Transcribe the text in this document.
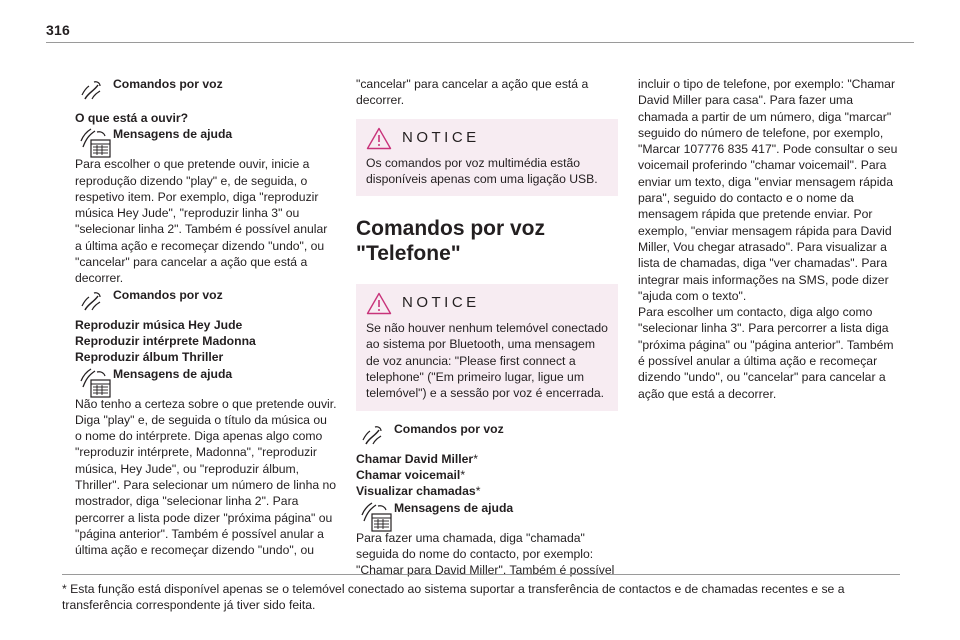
316
Comandos por voz

O que está a ouvir?

Mensagens de ajuda

Para escolher o que pretende ouvir, inicie a reprodução dizendo "play" e, de seguida, o respetivo item. Por exemplo, diga "reproduzir música Hey Jude", "reproduzir linha 3" ou "selecionar linha 2". Também é possível anular a última ação e recomeçar dizendo "undo", ou "cancelar" para cancelar a ação que está a decorrer.

Comandos por voz

Reproduzir música Hey Jude

Reproduzir intérprete Madonna

Reproduzir álbum Thriller

Mensagens de ajuda

Não tenho a certeza sobre o que pretende ouvir. Diga "play" e, de seguida o título da música ou o nome do intérprete. Diga apenas algo como "reproduzir intérprete, Madonna", "reproduzir música, Hey Jude", ou "reproduzir álbum, Thriller". Para selecionar um número de linha no mostrador, diga "selecionar linha 2". Para percorrer a lista pode dizer "próxima página" ou "página anterior". Também é possível anular a última ação e recomeçar dizendo "undo", ou

"cancelar" para cancelar a ação que está a decorrer.

NOTICE

Os comandos por voz multimédia estão disponíveis apenas com uma ligação USB.

Comandos por voz "Telefone"
NOTICE

Se não houver nenhum telemóvel conectado ao sistema por Bluetooth, uma mensagem de voz anuncia: "Please first connect a telephone" ("Em primeiro lugar, ligue um telemóvel") e a sessão por voz é encerrada.

Comandos por voz

Chamar David Miller*

Chamar voicemail*

Visualizar chamadas*

Mensagens de ajuda

Para fazer uma chamada, diga "chamada" seguida do nome do contacto, por exemplo: "Chamar para David Miller". Também é possível

incluir o tipo de telefone, por exemplo: "Chamar David Miller para casa". Para fazer uma chamada a partir de um número, diga "marcar" seguido do número de telefone, por exemplo, "Marcar 107776 835 417". Pode consultar o seu voicemail proferindo "chamar voicemail". Para enviar um texto, diga "enviar mensagem rápida para", seguido do contacto e o nome da mensagem rápida que pretende enviar. Por exemplo, "enviar mensagem rápida para David Miller, Vou chegar atrasado". Para visualizar a lista de chamadas, diga "ver chamadas". Para integrar mais informações na SMS, pode dizer "ajuda com o texto".

Para escolher um contacto, diga algo como "selecionar linha 3". Para percorrer a lista diga "próxima página" ou "página anterior". Também é possível anular a última ação e recomeçar dizendo "undo", ou "cancelar" para cancelar a ação que está a decorrer.

* Esta função está disponível apenas se o telemóvel conectado ao sistema suportar a transferência de contactos e de chamadas recentes e se a transferência correspondente já tiver sido feita.
